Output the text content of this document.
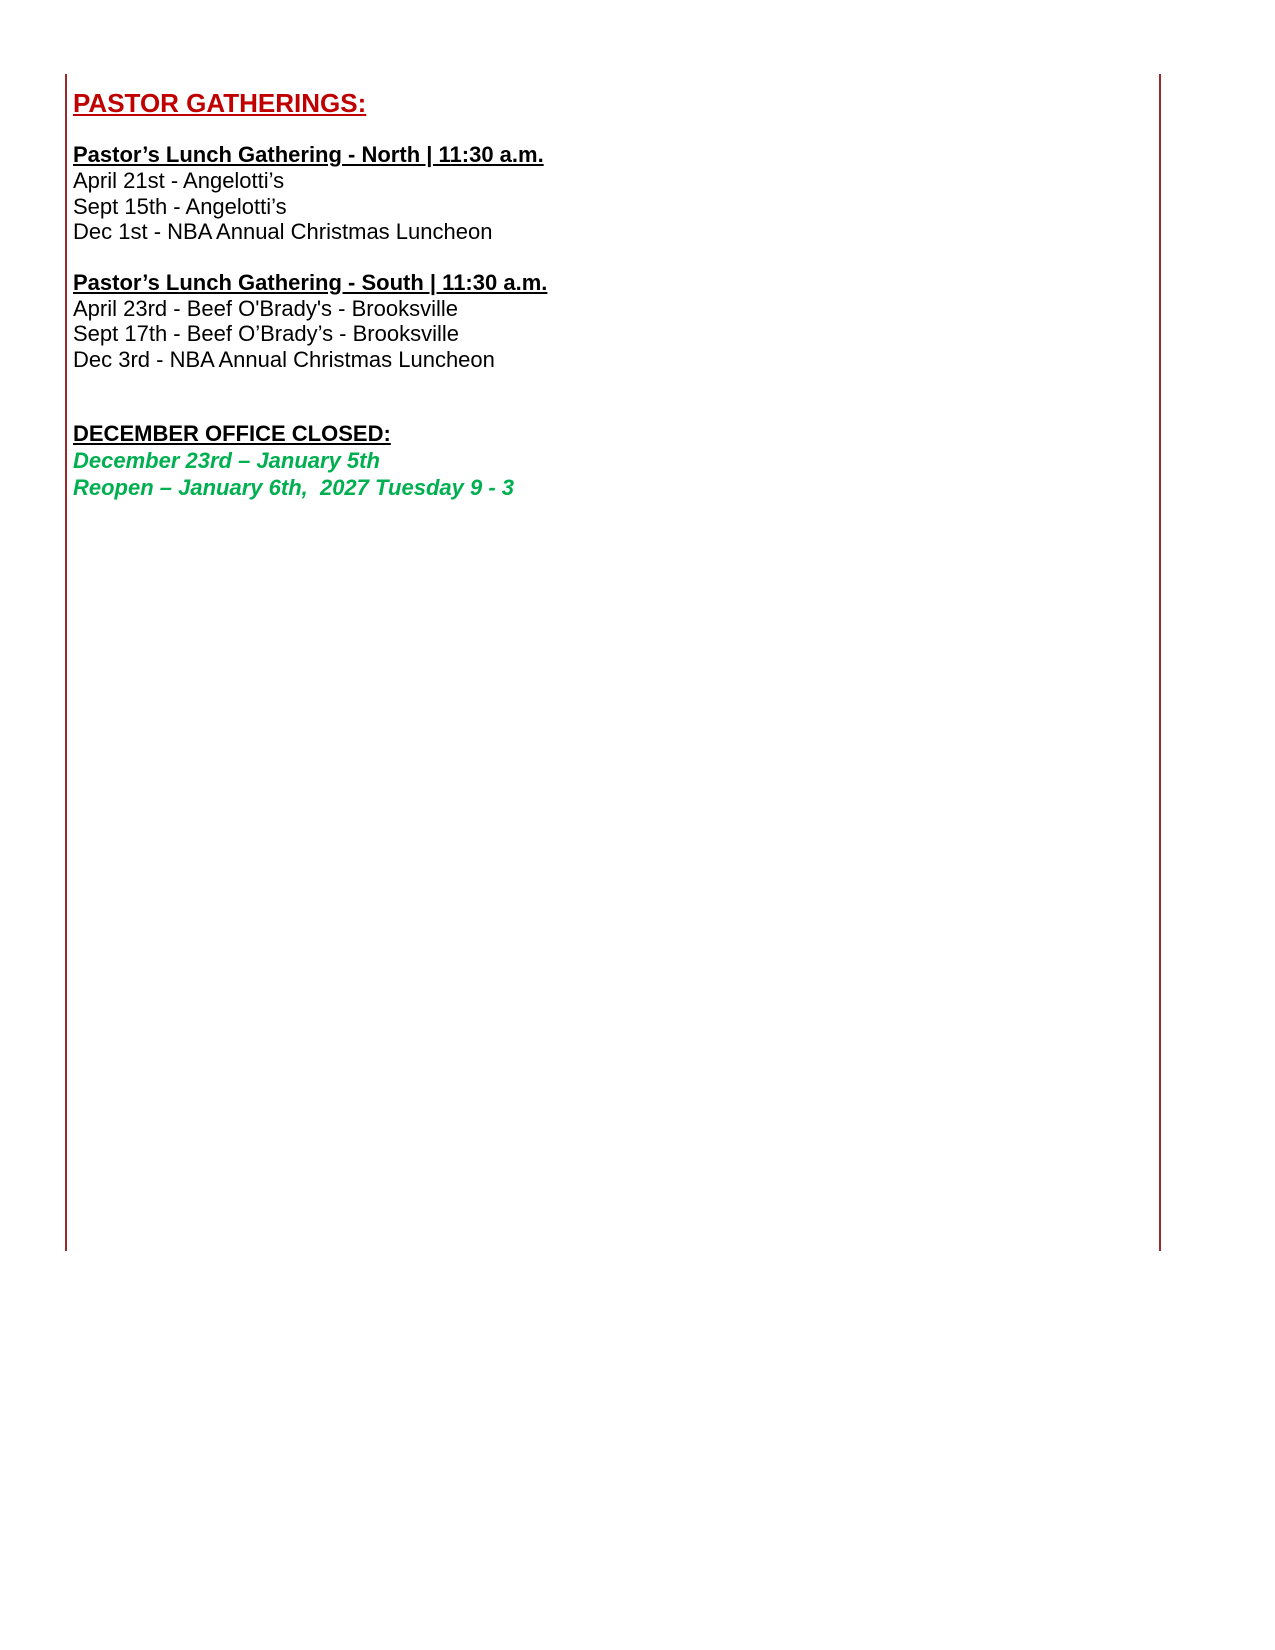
PASTOR GATHERINGS:

Pastor’s Lunch Gathering - North | 11:30 a.m.

April 21st - Angelotti’s

Sept 15th - Angelotti’s

Dec 1st - NBA Annual Christmas Luncheon

Pastor’s Lunch Gathering - South | 11:30 a.m.

April 23rd - Beef O'Brady's - Brooksville

Sept 17th - Beef O’Brady’s - Brooksville

Dec 3rd - NBA Annual Christmas Luncheon

DECEMBER OFFICE CLOSED:

December 23rd – January 5th

Reopen – January 6th,  2027 Tuesday 9 - 3
